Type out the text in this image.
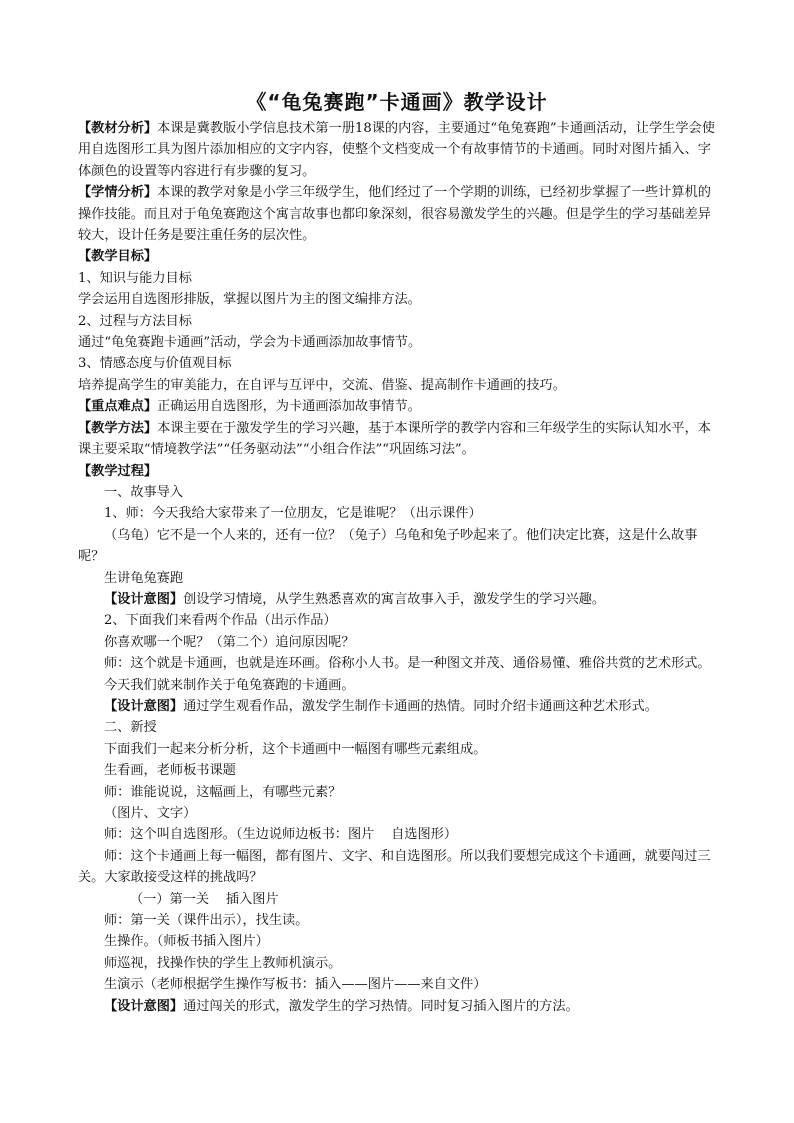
《“龟兔赛跑”卡通画》教学设计

【教材分析】本课是冀教版小学信息技术第一册18课的内容，主要通过“龟兔赛跑”卡通画活动，让学生学会使用自选图形工具为图片添加相应的文字内容，使整个文档变成一个有故事情节的卡通画。同时对图片插入、字体颜色的设置等内容进行有步骤的复习。

【学情分析】本课的教学对象是小学三年级学生，他们经过了一个学期的训练，已经初步掌握了一些计算机的操作技能。而且对于龟兔赛跑这个寓言故事也都印象深刻，很容易激发学生的兴趣。但是学生的学习基础差异较大，设计任务是要注重任务的层次性。

【教学目标】

1、知识与能力目标

学会运用自选图形排版，掌握以图片为主的图文编排方法。

2、过程与方法目标

通过“龟兔赛跑卡通画”活动，学会为卡通画添加故事情节。

3、情感态度与价值观目标

培养提高学生的审美能力，在自评与互评中，交流、借鉴、提高制作卡通画的技巧。

【重点难点】正确运用自选图形，为卡通画添加故事情节。

【教学方法】本课主要在于激发学生的学习兴趣，基于本课所学的教学内容和三年级学生的实际认知水平，本课主要采取“情境教学法”“任务驱动法”“小组合作法”“巩固练习法”。

【教学过程】

一、故事导入

1、师：今天我给大家带来了一位朋友，它是谁呢？（出示课件）

（乌龟）它不是一个人来的，还有一位？（兔子）乌龟和兔子吵起来了。他们决定比赛，这是什么故事呢？

生讲龟兔赛跑

【设计意图】创设学习情境，从学生熟悉喜欢的寓言故事入手，激发学生的学习兴趣。

2、下面我们来看两个作品（出示作品）

你喜欢哪一个呢？（第二个）追问原因呢？

师：这个就是卡通画，也就是连环画。俗称小人书。是一种图文并茂、通俗易懂、雅俗共赏的艺术形式。

今天我们就来制作关于龟兔赛跑的卡通画。

【设计意图】通过学生观看作品，激发学生制作卡通画的热情。同时介绍卡通画这种艺术形式。

二、新授

下面我们一起来分析分析，这个卡通画中一幅图有哪些元素组成。

生看画，老师板书课题

师：谁能说说，这幅画上，有哪些元素？

（图片、文字）

师：这个叫自选图形。（生边说师边板书：图片    自选图形）

师：这个卡通画上每一幅图，都有图片、文字、和自选图形。所以我们要想完成这个卡通画，就要闯过三关。大家敢接受这样的挑战吗？

（一）第一关    插入图片

师：第一关（课件出示），找生读。

生操作。（师板书插入图片）

师巡视，找操作快的学生上教师机演示。

生演示（老师根据学生操作写板书：插入——图片——来自文件）

【设计意图】通过闯关的形式，激发学生的学习热情。同时复习插入图片的方法。
